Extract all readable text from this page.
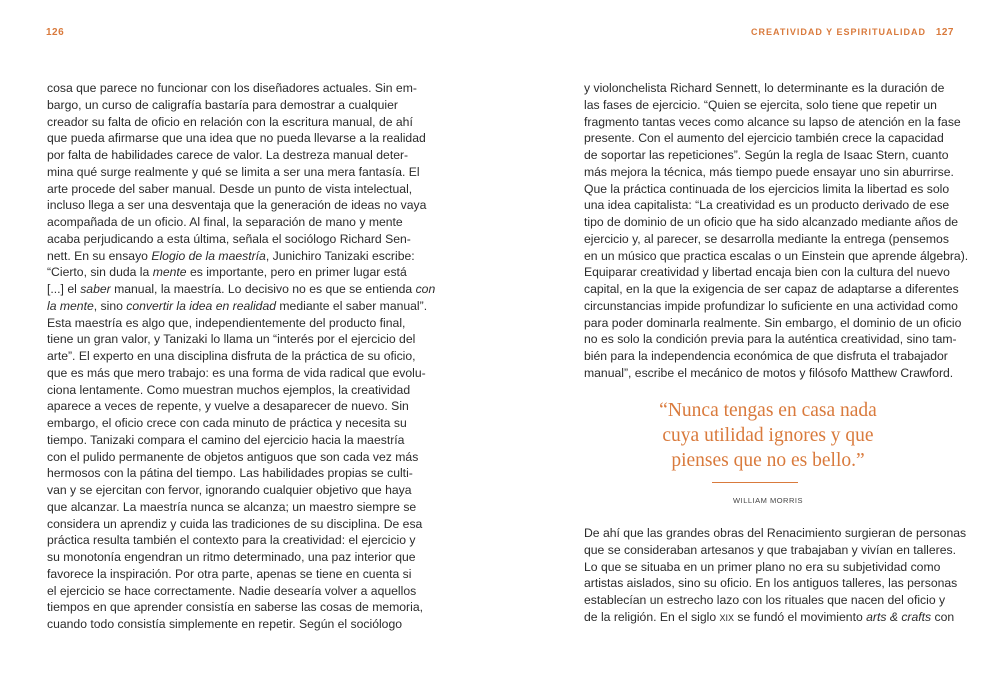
126
cosa que parece no funcionar con los diseñadores actuales. Sin em-
bargo, un curso de caligrafía bastaría para demostrar a cualquier
creador su falta de oficio en relación con la escritura manual, de ahí
que pueda afirmarse que una idea que no pueda llevarse a la realidad
por falta de habilidades carece de valor. La destreza manual deter-
mina qué surge realmente y qué se limita a ser una mera fantasía. El
arte procede del saber manual. Desde un punto de vista intelectual,
incluso llega a ser una desventaja que la generación de ideas no vaya
acompañada de un oficio. Al final, la separación de mano y mente
acaba perjudicando a esta última, señala el sociólogo Richard Sen-
nett. En su ensayo Elogio de la maestría, Junichiro Tanizaki escribe:
“Cierto, sin duda la mente es importante, pero en primer lugar está
[...] el saber manual, la maestría. Lo decisivo no es que se entienda con
la mente, sino convertir la idea en realidad mediante el saber manual”.
Esta maestría es algo que, independientemente del producto final,
tiene un gran valor, y Tanizaki lo llama un “interés por el ejercicio del
arte”. El experto en una disciplina disfruta de la práctica de su oficio,
que es más que mero trabajo: es una forma de vida radical que evolu-
ciona lentamente. Como muestran muchos ejemplos, la creatividad
aparece a veces de repente, y vuelve a desaparecer de nuevo. Sin
embargo, el oficio crece con cada minuto de práctica y necesita su
tiempo. Tanizaki compara el camino del ejercicio hacia la maestría
con el pulido permanente de objetos antiguos que son cada vez más
hermosos con la pátina del tiempo. Las habilidades propias se culti-
van y se ejercitan con fervor, ignorando cualquier objetivo que haya
que alcanzar. La maestría nunca se alcanza; un maestro siempre se
considera un aprendiz y cuida las tradiciones de su disciplina. De esa
práctica resulta también el contexto para la creatividad: el ejercicio y
su monotonía engendran un ritmo determinado, una paz interior que
favorece la inspiración. Por otra parte, apenas se tiene en cuenta si
el ejercicio se hace correctamente. Nadie desearía volver a aquellos
tiempos en que aprender consistía en saberse las cosas de memoria,
cuando todo consistía simplemente en repetir. Según el sociólogo
CREATIVIDAD Y ESPIRITUALIDAD 127
y violonchelista Richard Sennett, lo determinante es la duración de
las fases de ejercicio. “Quien se ejercita, solo tiene que repetir un
fragmento tantas veces como alcance su lapso de atención en la fase
presente. Con el aumento del ejercicio también crece la capacidad
de soportar las repeticiones”. Según la regla de Isaac Stern, cuanto
más mejora la técnica, más tiempo puede ensayar uno sin aburrirse.
Que la práctica continuada de los ejercicios limita la libertad es solo
una idea capitalista: “La creatividad es un producto derivado de ese
tipo de dominio de un oficio que ha sido alcanzado mediante años de
ejercicio y, al parecer, se desarrolla mediante la entrega (pensemos
en un músico que practica escalas o un Einstein que aprende álgebra).
Equiparar creatividad y libertad encaja bien con la cultura del nuevo
capital, en la que la exigencia de ser capaz de adaptarse a diferentes
circunstancias impide profundizar lo suficiente en una actividad como
para poder dominarla realmente. Sin embargo, el dominio de un oficio
no es solo la condición previa para la auténtica creatividad, sino tam-
bién para la independencia económica de que disfruta el trabajador
manual”, escribe el mecánico de motos y filósofo Matthew Crawford.
“Nunca tengas en casa nada
cuya utilidad ignores y que
pienses que no es bello.”
WILLIAM MORRIS
De ahí que las grandes obras del Renacimiento surgieran de personas
que se consideraban artesanos y que trabajaban y vivían en talleres.
Lo que se situaba en un primer plano no era su subjetividad como
artistas aislados, sino su oficio. En los antiguos talleres, las personas
establecían un estrecho lazo con los rituales que nacen del oficio y
de la religión. En el siglo XIX se fundó el movimiento arts & crafts con
